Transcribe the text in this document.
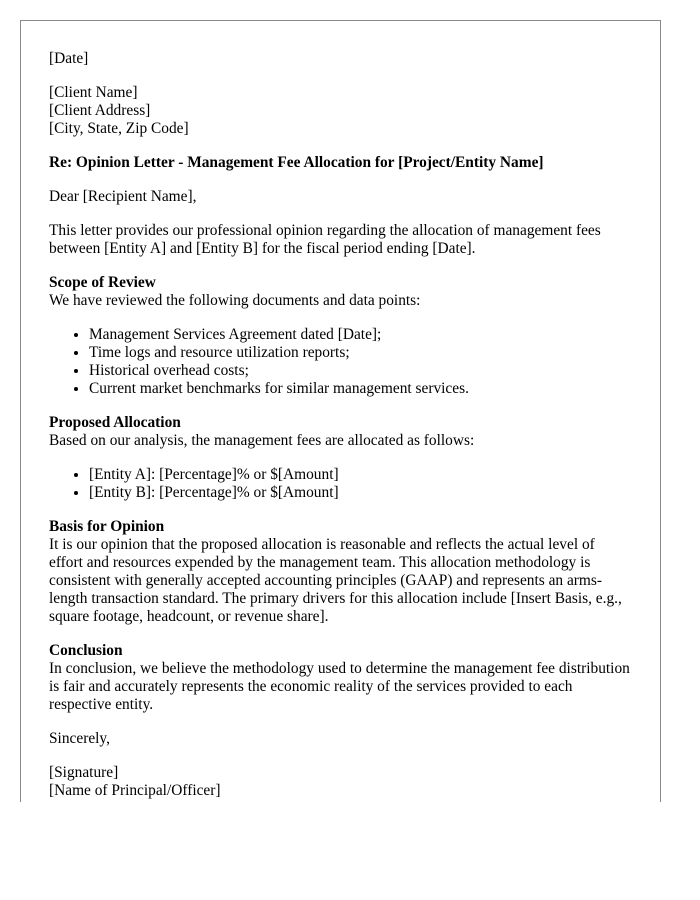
[Date]

[Client Name]
[Client Address]
[City, State, Zip Code]

Re: Opinion Letter - Management Fee Allocation for [Project/Entity Name]

Dear [Recipient Name],

This letter provides our professional opinion regarding the allocation of management fees between [Entity A] and [Entity B] for the fiscal period ending [Date].

Scope of Review
We have reviewed the following documents and data points:

• Management Services Agreement dated [Date];
• Time logs and resource utilization reports;
• Historical overhead costs;
• Current market benchmarks for similar management services.

Proposed Allocation
Based on our analysis, the management fees are allocated as follows:

• [Entity A]: [Percentage]% or $[Amount]
• [Entity B]: [Percentage]% or $[Amount]

Basis for Opinion
It is our opinion that the proposed allocation is reasonable and reflects the actual level of effort and resources expended by the management team. This allocation methodology is consistent with generally accepted accounting principles (GAAP) and represents an arms-length transaction standard. The primary drivers for this allocation include [Insert Basis, e.g., square footage, headcount, or revenue share].

Conclusion
In conclusion, we believe the methodology used to determine the management fee distribution is fair and accurately represents the economic reality of the services provided to each respective entity.

Sincerely,

[Signature]
[Name of Principal/Officer]
